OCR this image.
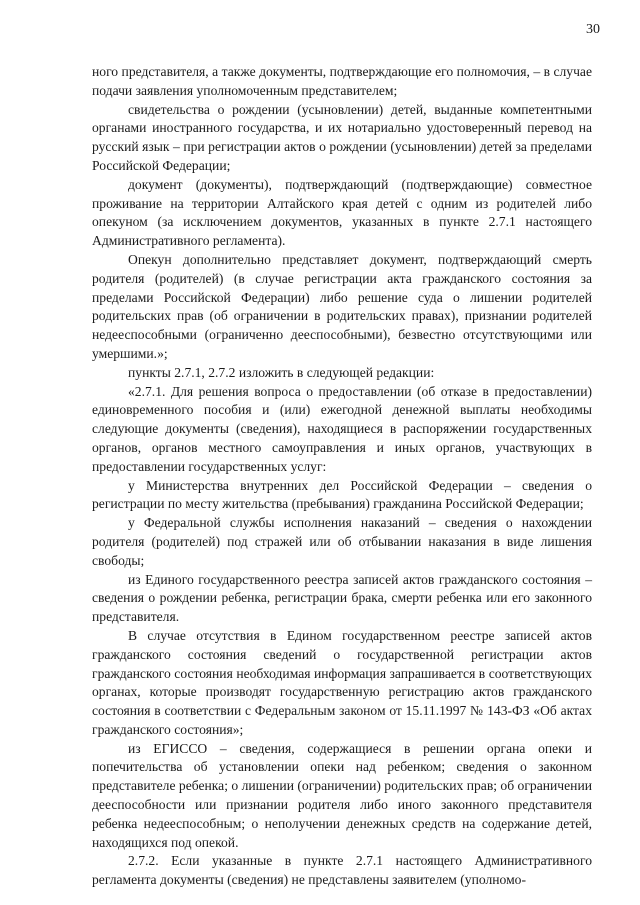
30

ного представителя, а также документы, подтверждающие его полномочия, – в случае подачи заявления уполномоченным представителем;

свидетельства о рождении (усыновлении) детей, выданные компетентными органами иностранного государства, и их нотариально удостоверенный перевод на русский язык – при регистрации актов о рождении (усыновлении) детей за пределами Российской Федерации;

документ (документы), подтверждающий (подтверждающие) совместное проживание на территории Алтайского края детей с одним из родителей либо опекуном (за исключением документов, указанных в пункте 2.7.1 настоящего Административного регламента).

Опекун дополнительно представляет документ, подтверждающий смерть родителя (родителей) (в случае регистрации акта гражданского состояния за пределами Российской Федерации) либо решение суда о лишении родителей родительских прав (об ограничении в родительских правах), признании родителей недееспособными (ограниченно дееспособными), безвестно отсутствующими или умершими.»;

пункты 2.7.1, 2.7.2 изложить в следующей редакции:

«2.7.1. Для решения вопроса о предоставлении (об отказе в предоставлении) единовременного пособия и (или) ежегодной денежной выплаты необходимы следующие документы (сведения), находящиеся в распоряжении государственных органов, органов местного самоуправления и иных органов, участвующих в предоставлении государственных услуг:

у Министерства внутренних дел Российской Федерации – сведения о регистрации по месту жительства (пребывания) гражданина Российской Федерации;

у Федеральной службы исполнения наказаний – сведения о нахождении родителя (родителей) под стражей или об отбывании наказания в виде лишения свободы;

из Единого государственного реестра записей актов гражданского состояния – сведения о рождении ребенка, регистрации брака, смерти ребенка или его законного представителя.

В случае отсутствия в Едином государственном реестре записей актов гражданского состояния сведений о государственной регистрации актов гражданского состояния необходимая информация запрашивается в соответствующих органах, которые производят государственную регистрацию актов гражданского состояния в соответствии с Федеральным законом от 15.11.1997 № 143-ФЗ «Об актах гражданского состояния»;

из ЕГИССО – сведения, содержащиеся в решении органа опеки и попечительства об установлении опеки над ребенком; сведения о законном представителе ребенка; о лишении (ограничении) родительских прав; об ограничении дееспособности или признании родителя либо иного законного представителя ребенка недееспособным; о неполучении денежных средств на содержание детей, находящихся под опекой.

2.7.2. Если указанные в пункте 2.7.1 настоящего Административного регламента документы (сведения) не представлены заявителем (уполномо-
